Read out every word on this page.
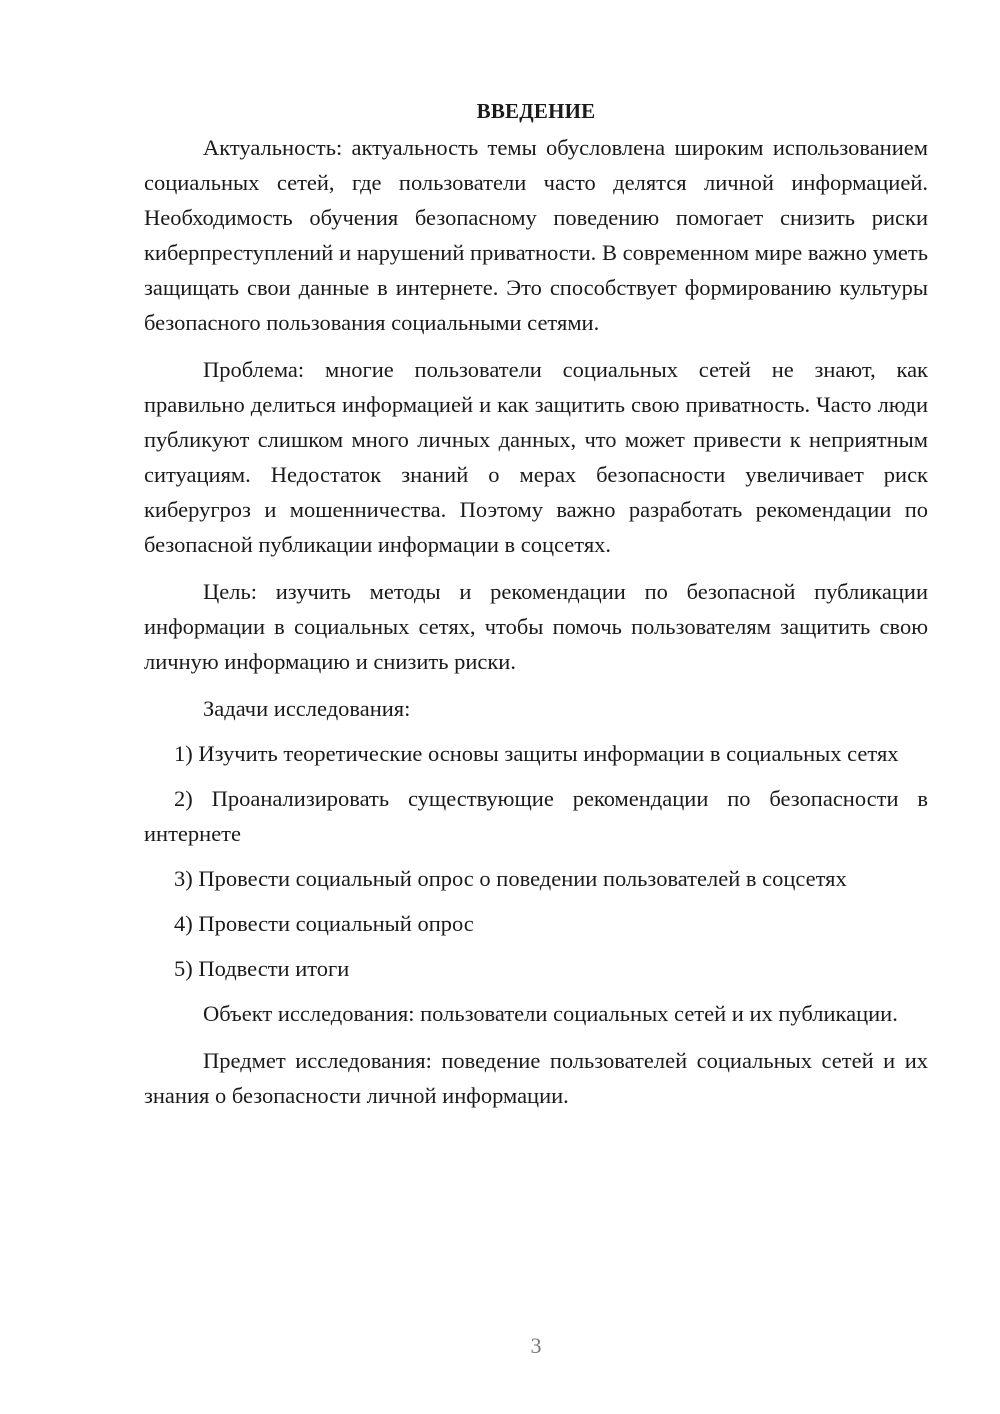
ВВЕДЕНИЕ

Актуальность: актуальность темы обусловлена широким использованием социальных сетей, где пользователи часто делятся личной информацией. Необходимость обучения безопасному поведению помогает снизить риски киберпреступлений и нарушений приватности. В современном мире важно уметь защищать свои данные в интернете. Это способствует формированию культуры безопасного пользования социальными сетями.

Проблема: многие пользователи социальных сетей не знают, как правильно делиться информацией и как защитить свою приватность. Часто люди публикуют слишком много личных данных, что может привести к неприятным ситуациям. Недостаток знаний о мерах безопасности увеличивает риск киберугроз и мошенничества. Поэтому важно разработать рекомендации по безопасной публикации информации в соцсетях.

Цель: изучить методы и рекомендации по безопасной публикации информации в социальных сетях, чтобы помочь пользователям защитить свою личную информацию и снизить риски.

Задачи исследования:

1) Изучить теоретические основы защиты информации в социальных сетях

2) Проанализировать существующие рекомендации по безопасности в интернете

3) Провести социальный опрос о поведении пользователей в соцсетях

4) Провести социальный опрос

5) Подвести итоги

Объект исследования: пользователи социальных сетей и их публикации.

Предмет исследования: поведение пользователей социальных сетей и их знания о безопасности личной информации.

3
